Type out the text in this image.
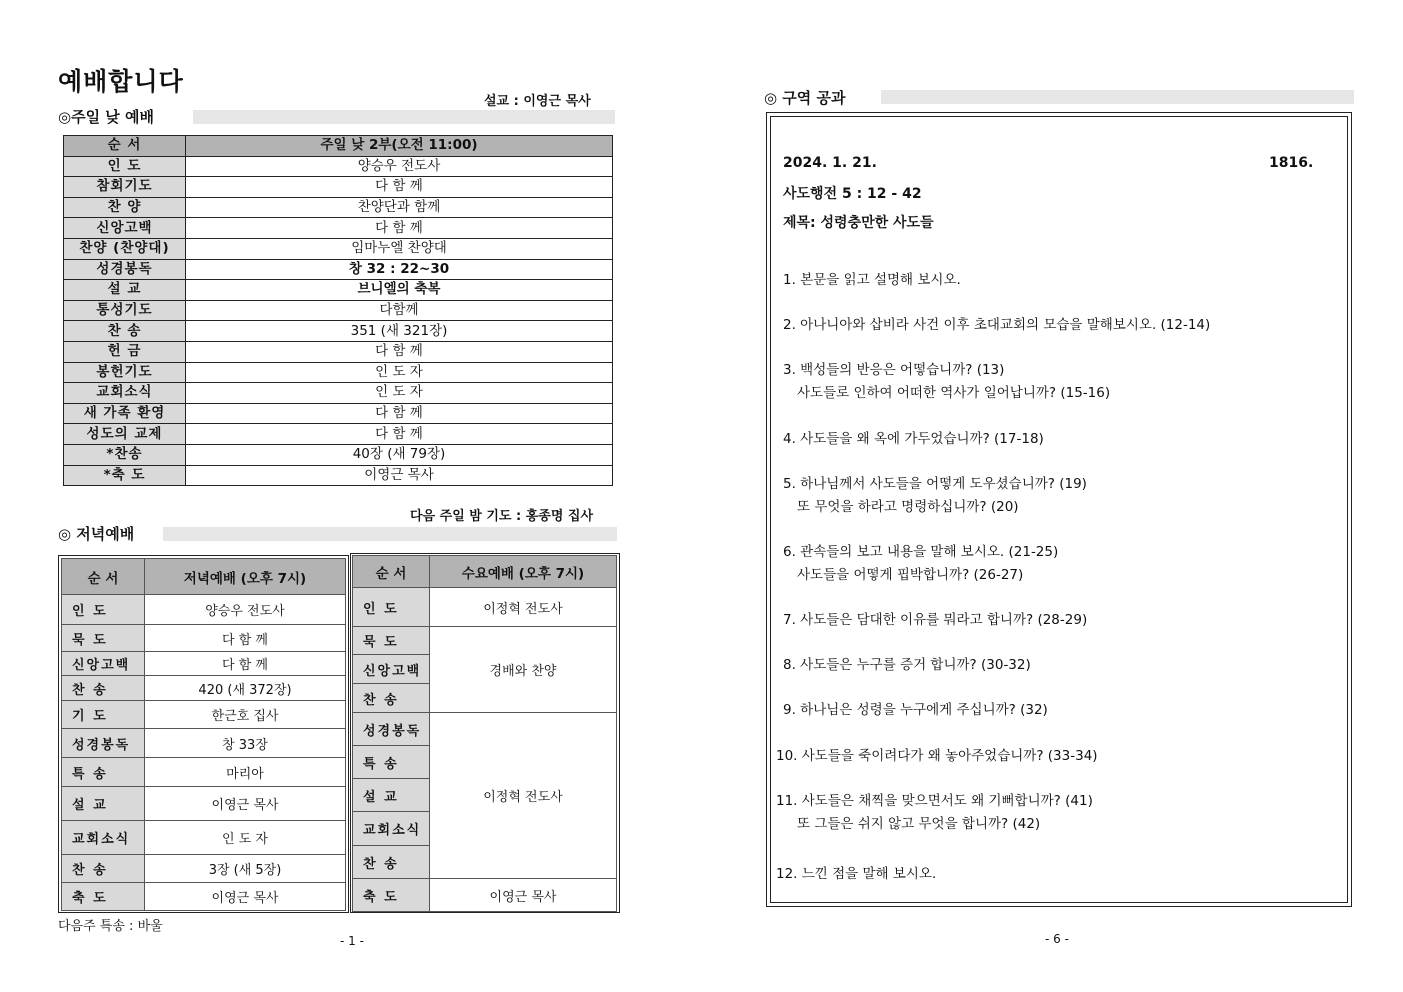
예배합니다
설교 : 이영근 목사
◎주일 낮 예배
순 서	주일 낮 2부(오전 11:00)
인 도	양승우 전도사
참회기도	다 함 께
찬 양	찬양단과 함께
신앙고백	다 함 께
찬양 (찬양대)	임마누엘 찬양대
성경봉독	창 32 : 22~30
설 교	브니엘의 축복
통성기도	다함께
찬 송	351 (새 321장)
헌 금	다 함 께
봉헌기도	인 도 자
교회소식	인 도 자
새 가족 환영	다 함 께
성도의 교제	다 함 께
*찬송	40장 (새 79장)
*축 도	이영근 목사
다음 주일 밤 기도 : 홍종명 집사
◎ 저녁예배
순 서	저녁예배 (오후 7시)
인 도	양승우 전도사
묵 도	다 함 께
신앙고백	다 함 께
찬 송	420 (새 372장)
기 도	한근호 집사
성경봉독	창 33장
특 송	마리아
설 교	이영근 목사
교회소식	인 도 자
찬 송	3장 (새 5장)
축 도	이영근 목사
순 서	수요예배 (오후 7시)
인 도	이정혁 전도사
묵 도	경배와 찬양
신앙고백	
찬 송	
성경봉독	이정혁 전도사
특 송	
설 교	
교회소식	
찬 송	
축 도	이영근 목사
다음주 특송 : 바울
- 1 -
◎ 구역 공과
2024. 1. 21.	1816.
사도행전 5 : 12 - 42
제목: 성령충만한 사도들
1. 본문을 읽고 설명해 보시오.
2. 아나니아와 삽비라 사건 이후 초대교회의 모습을 말해보시오. (12-14)
3. 백성들의 반응은 어떻습니까? (13)
사도들로 인하여 어떠한 역사가 일어납니까? (15-16)
4. 사도들을 왜 옥에 가두었습니까? (17-18)
5. 하나님께서 사도들을 어떻게 도우셨습니까? (19)
또 무엇을 하라고 명령하십니까? (20)
6. 관속들의 보고 내용을 말해 보시오. (21-25)
사도들을 어떻게 핍박합니까? (26-27)
7. 사도들은 담대한 이유를 뭐라고 합니까? (28-29)
8. 사도들은 누구를 증거 합니까? (30-32)
9. 하나님은 성령을 누구에게 주십니까? (32)
10. 사도들을 죽이려다가 왜 놓아주었습니까? (33-34)
11. 사도들은 채찍을 맞으면서도 왜 기뻐합니까? (41)
또 그들은 쉬지 않고 무엇을 합니까? (42)
12. 느낀 점을 말해 보시오.
- 6 -
